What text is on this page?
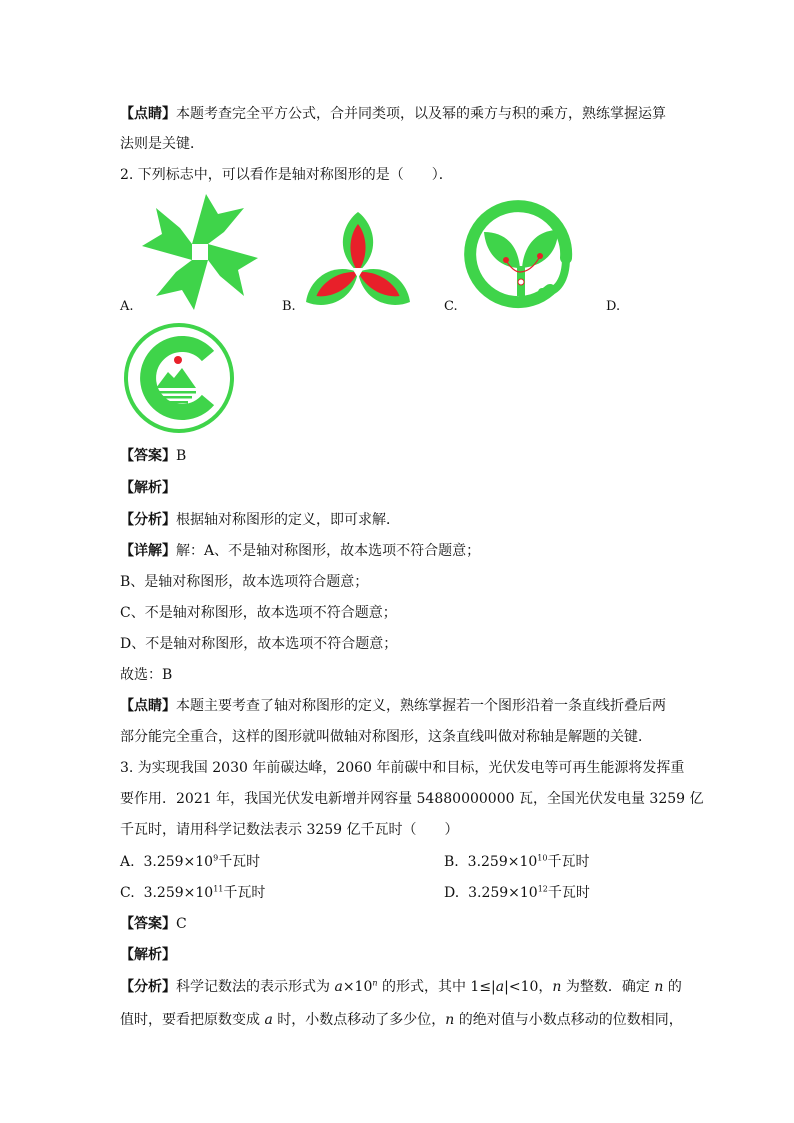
【点睛】本题考查完全平方公式，合并同类项，以及幂的乘方与积的乘方，熟练掌握运算
法则是关键．
2. 下列标志中，可以看作是轴对称图形的是（　　）．
A.	B.	C.	D.
【答案】B
【解析】
【分析】根据轴对称图形的定义，即可求解．
【详解】解：A、不是轴对称图形，故本选项不符合题意；
B、是轴对称图形，故本选项符合题意；
C、不是轴对称图形，故本选项不符合题意；
D、不是轴对称图形，故本选项不符合题意；
故选：B
【点睛】本题主要考查了轴对称图形的定义，熟练掌握若一个图形沿着一条直线折叠后两
部分能完全重合，这样的图形就叫做轴对称图形，这条直线叫做对称轴是解题的关键．
3. 为实现我国 2030 年前碳达峰，2060 年前碳中和目标，光伏发电等可再生能源将发挥重
要作用．2021 年，我国光伏发电新增并网容量 54880000000 瓦，全国光伏发电量 3259 亿
千瓦时，请用科学记数法表示 3259 亿千瓦时（　　）
A. $3.259\times 10^9$千瓦时	B. $3.259\times 10^{10}$千瓦时
C. $3.259\times 10^{11}$千瓦时	D. $3.259\times 10^{12}$千瓦时
【答案】C
【解析】
【分析】科学记数法的表示形式为 $a\times 10^n$ 的形式，其中 1≤|a|<10，n 为整数．确定 n 的
值时，要看把原数变成 a 时，小数点移动了多少位，n 的绝对值与小数点移动的位数相同，
